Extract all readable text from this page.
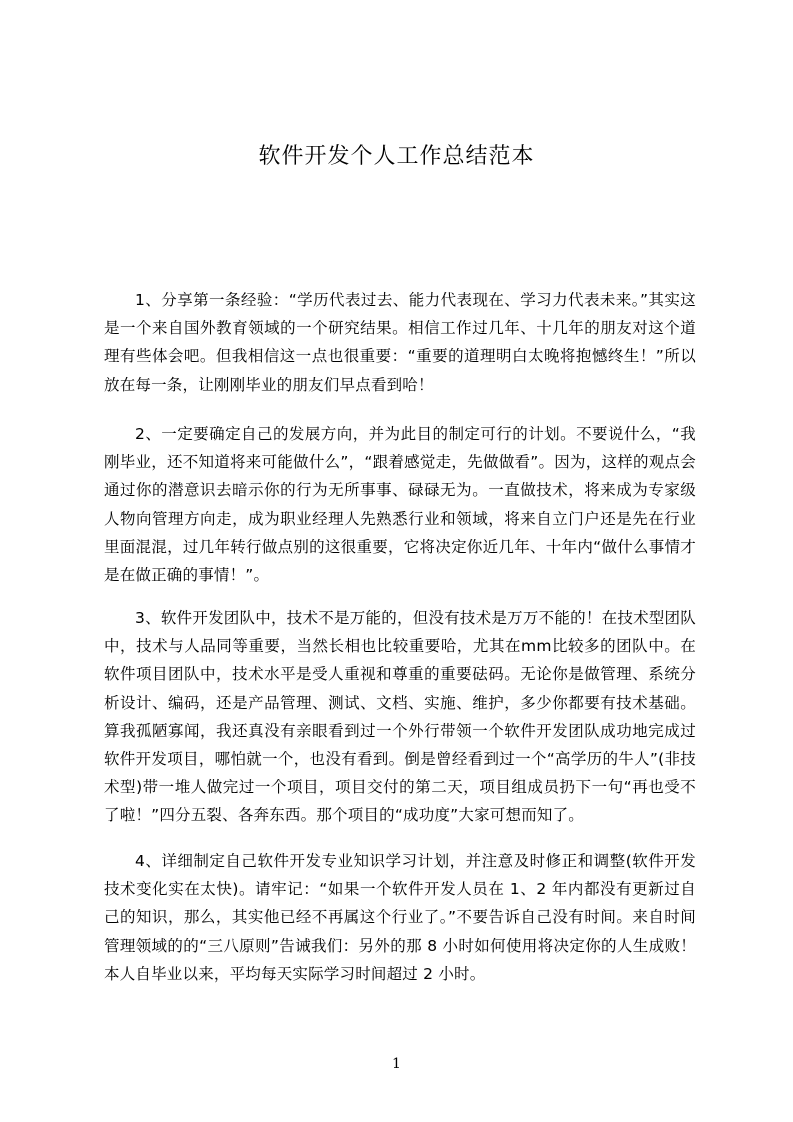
软件开发个人工作总结范本

1、分享第一条经验：“学历代表过去、能力代表现在、学习力代表未来。”其实这是一个来自国外教育领域的一个研究结果。相信工作过几年、十几年的朋友对这个道理有些体会吧。但我相信这一点也很重要：“重要的道理明白太晚将抱憾终生！”所以放在每一条，让刚刚毕业的朋友们早点看到哈！

2、一定要确定自己的发展方向，并为此目的制定可行的计划。不要说什么，“我刚毕业，还不知道将来可能做什么”，“跟着感觉走，先做做看”。因为，这样的观点会通过你的潜意识去暗示你的行为无所事事、碌碌无为。一直做技术，将来成为专家级人物向管理方向走，成为职业经理人先熟悉行业和领域，将来自立门户还是先在行业里面混混，过几年转行做点别的这很重要，它将决定你近几年、十年内“做什么事情才是在做正确的事情！”。

3、软件开发团队中，技术不是万能的，但没有技术是万万不能的！在技术型团队中，技术与人品同等重要，当然长相也比较重要哈，尤其在mm比较多的团队中。在软件项目团队中，技术水平是受人重视和尊重的重要砝码。无论你是做管理、系统分析设计、编码，还是产品管理、测试、文档、实施、维护，多少你都要有技术基础。算我孤陋寡闻，我还真没有亲眼看到过一个外行带领一个软件开发团队成功地完成过软件开发项目，哪怕就一个，也没有看到。倒是曾经看到过一个“高学历的牛人”(非技术型)带一堆人做完过一个项目，项目交付的第二天，项目组成员扔下一句“再也受不了啦！”四分五裂、各奔东西。那个项目的“成功度”大家可想而知了。

4、详细制定自己软件开发专业知识学习计划，并注意及时修正和调整(软件开发技术变化实在太快)。请牢记：“如果一个软件开发人员在 1、2 年内都没有更新过自己的知识，那么，其实他已经不再属这个行业了。”不要告诉自己没有时间。来自时间管理领域的的“三八原则”告诫我们：另外的那 8 小时如何使用将决定你的人生成败！本人自毕业以来，平均每天实际学习时间超过 2 小时。

1
